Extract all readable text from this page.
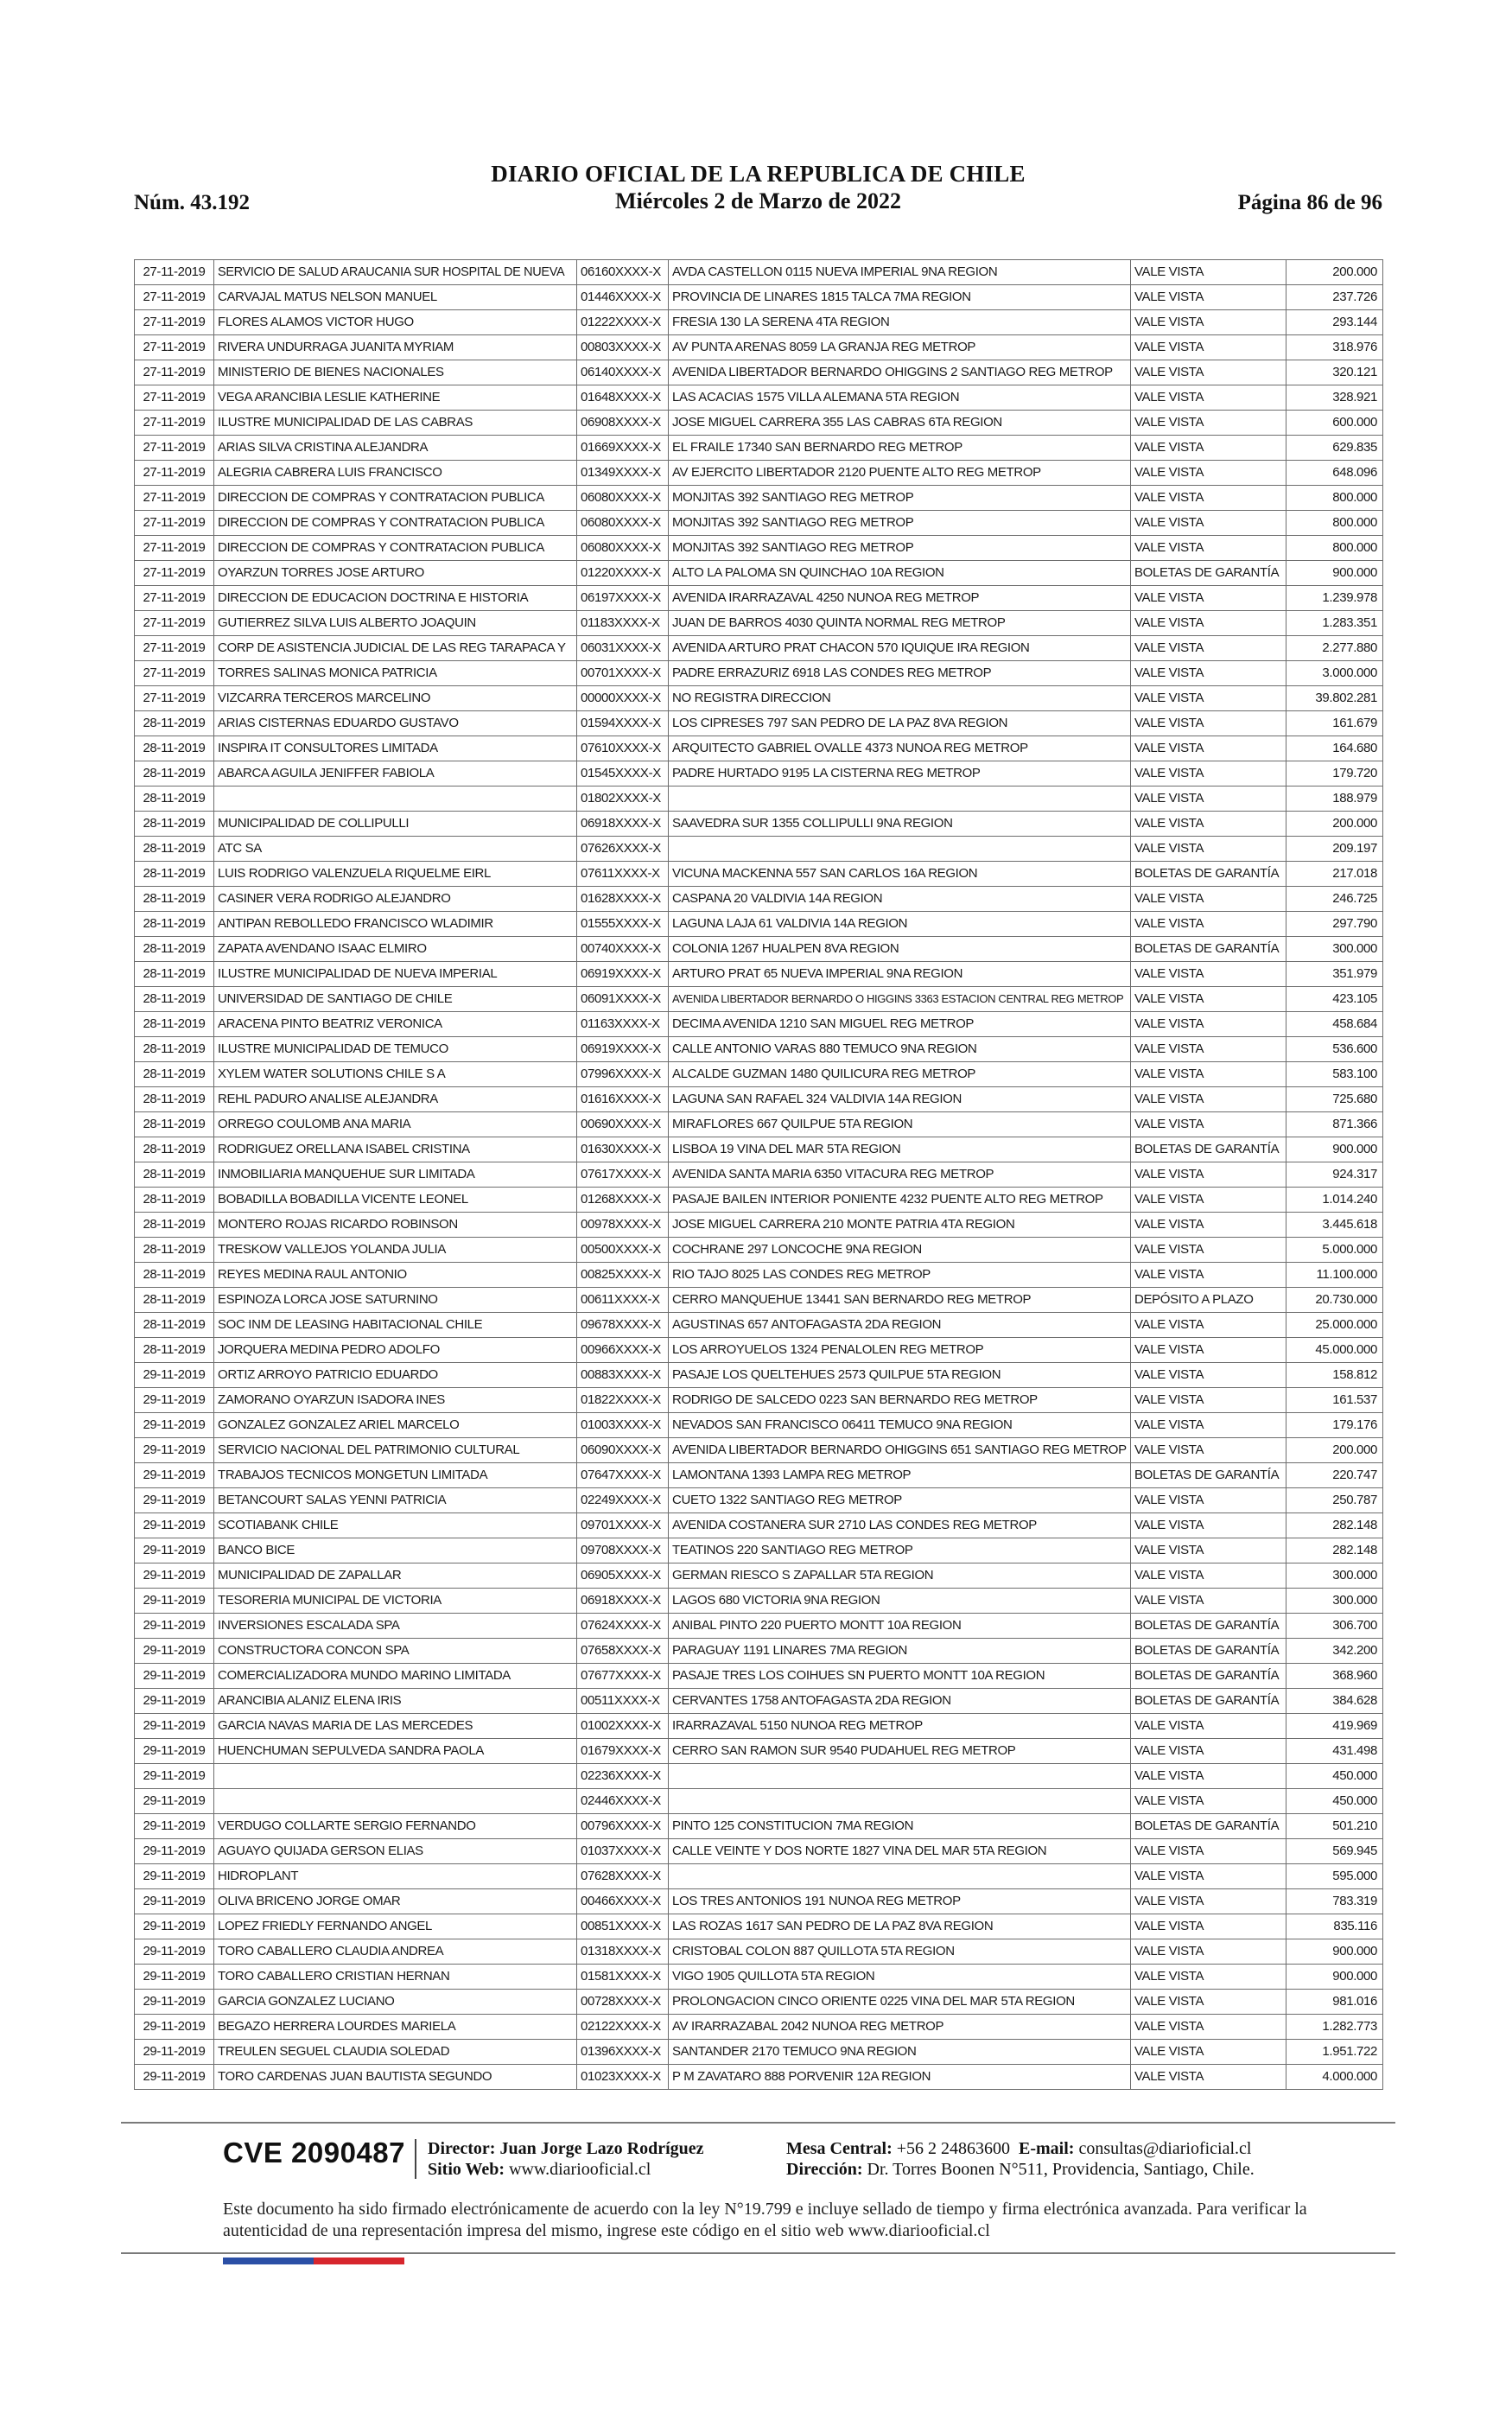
Núm. 43.192
DIARIO OFICIAL DE LA REPUBLICA DE CHILE
Miércoles 2 de Marzo de 2022	Página 86 de 96
27-11-2019	SERVICIO DE SALUD ARAUCANIA SUR HOSPITAL DE NUEVA	06160XXXX-X	AVDA CASTELLON 0115 NUEVA IMPERIAL 9NA REGION	VALE VISTA	200.000
27-11-2019	CARVAJAL MATUS NELSON MANUEL	01446XXXX-X	PROVINCIA DE LINARES 1815 TALCA 7MA REGION	VALE VISTA	237.726
27-11-2019	FLORES ALAMOS VICTOR HUGO	01222XXXX-X	FRESIA 130 LA SERENA 4TA REGION	VALE VISTA	293.144
27-11-2019	RIVERA UNDURRAGA JUANITA MYRIAM	00803XXXX-X	AV PUNTA ARENAS 8059 LA GRANJA REG METROP	VALE VISTA	318.976
27-11-2019	MINISTERIO DE BIENES NACIONALES	06140XXXX-X	AVENIDA LIBERTADOR BERNARDO OHIGGINS 2 SANTIAGO REG METROP	VALE VISTA	320.121
27-11-2019	VEGA ARANCIBIA LESLIE KATHERINE	01648XXXX-X	LAS ACACIAS 1575 VILLA ALEMANA 5TA REGION	VALE VISTA	328.921
27-11-2019	ILUSTRE MUNICIPALIDAD DE LAS CABRAS	06908XXXX-X	JOSE MIGUEL CARRERA 355 LAS CABRAS 6TA REGION	VALE VISTA	600.000
27-11-2019	ARIAS SILVA CRISTINA ALEJANDRA	01669XXXX-X	EL FRAILE 17340 SAN BERNARDO REG METROP	VALE VISTA	629.835
27-11-2019	ALEGRIA CABRERA LUIS FRANCISCO	01349XXXX-X	AV EJERCITO LIBERTADOR 2120 PUENTE ALTO REG METROP	VALE VISTA	648.096
27-11-2019	DIRECCION DE COMPRAS Y CONTRATACION PUBLICA	06080XXXX-X	MONJITAS 392 SANTIAGO REG METROP	VALE VISTA	800.000
27-11-2019	DIRECCION DE COMPRAS Y CONTRATACION PUBLICA	06080XXXX-X	MONJITAS 392 SANTIAGO REG METROP	VALE VISTA	800.000
27-11-2019	DIRECCION DE COMPRAS Y CONTRATACION PUBLICA	06080XXXX-X	MONJITAS 392 SANTIAGO REG METROP	VALE VISTA	800.000
27-11-2019	OYARZUN TORRES JOSE ARTURO	01220XXXX-X	ALTO LA PALOMA SN QUINCHAO 10A REGION	BOLETAS DE GARANTÍA	900.000
27-11-2019	DIRECCION DE EDUCACION DOCTRINA E HISTORIA	06197XXXX-X	AVENIDA IRARRAZAVAL 4250 NUNOA REG METROP	VALE VISTA	1.239.978
27-11-2019	GUTIERREZ SILVA LUIS ALBERTO JOAQUIN	01183XXXX-X	JUAN DE BARROS 4030 QUINTA NORMAL REG METROP	VALE VISTA	1.283.351
27-11-2019	CORP DE ASISTENCIA JUDICIAL DE LAS REG TARAPACA Y	06031XXXX-X	AVENIDA ARTURO PRAT CHACON 570 IQUIQUE IRA REGION	VALE VISTA	2.277.880
27-11-2019	TORRES SALINAS MONICA PATRICIA	00701XXXX-X	PADRE ERRAZURIZ 6918 LAS CONDES REG METROP	VALE VISTA	3.000.000
27-11-2019	VIZCARRA TERCEROS MARCELINO	00000XXXX-X	NO REGISTRA DIRECCION	VALE VISTA	39.802.281
28-11-2019	ARIAS CISTERNAS EDUARDO GUSTAVO	01594XXXX-X	LOS CIPRESES 797 SAN PEDRO DE LA PAZ 8VA REGION	VALE VISTA	161.679
28-11-2019	INSPIRA IT CONSULTORES LIMITADA	07610XXXX-X	ARQUITECTO GABRIEL OVALLE 4373 NUNOA REG METROP	VALE VISTA	164.680
28-11-2019	ABARCA AGUILA JENIFFER FABIOLA	01545XXXX-X	PADRE HURTADO 9195 LA CISTERNA REG METROP	VALE VISTA	179.720
28-11-2019		01802XXXX-X		VALE VISTA	188.979
28-11-2019	MUNICIPALIDAD DE COLLIPULLI	06918XXXX-X	SAAVEDRA SUR 1355 COLLIPULLI 9NA REGION	VALE VISTA	200.000
28-11-2019	ATC SA	07626XXXX-X		VALE VISTA	209.197
28-11-2019	LUIS RODRIGO VALENZUELA RIQUELME EIRL	07611XXXX-X	VICUNA MACKENNA 557 SAN CARLOS 16A REGION	BOLETAS DE GARANTÍA	217.018
28-11-2019	CASINER VERA RODRIGO ALEJANDRO	01628XXXX-X	CASPANA 20 VALDIVIA 14A REGION	VALE VISTA	246.725
28-11-2019	ANTIPAN REBOLLEDO FRANCISCO WLADIMIR	01555XXXX-X	LAGUNA LAJA 61 VALDIVIA 14A REGION	VALE VISTA	297.790
28-11-2019	ZAPATA AVENDANO ISAAC ELMIRO	00740XXXX-X	COLONIA 1267 HUALPEN 8VA REGION	BOLETAS DE GARANTÍA	300.000
28-11-2019	ILUSTRE MUNICIPALIDAD DE NUEVA IMPERIAL	06919XXXX-X	ARTURO PRAT 65 NUEVA IMPERIAL 9NA REGION	VALE VISTA	351.979
28-11-2019	UNIVERSIDAD DE SANTIAGO DE CHILE	06091XXXX-X	AVENIDA LIBERTADOR BERNARDO O HIGGINS 3363 ESTACION CENTRAL REG METROP	VALE VISTA	423.105
28-11-2019	ARACENA PINTO BEATRIZ VERONICA	01163XXXX-X	DECIMA AVENIDA 1210 SAN MIGUEL REG METROP	VALE VISTA	458.684
28-11-2019	ILUSTRE MUNICIPALIDAD DE TEMUCO	06919XXXX-X	CALLE ANTONIO VARAS 880 TEMUCO 9NA REGION	VALE VISTA	536.600
28-11-2019	XYLEM WATER SOLUTIONS CHILE S A	07996XXXX-X	ALCALDE GUZMAN 1480 QUILICURA REG METROP	VALE VISTA	583.100
28-11-2019	REHL PADURO ANALISE ALEJANDRA	01616XXXX-X	LAGUNA SAN RAFAEL 324 VALDIVIA 14A REGION	VALE VISTA	725.680
28-11-2019	ORREGO COULOMB ANA MARIA	00690XXXX-X	MIRAFLORES 667 QUILPUE 5TA REGION	VALE VISTA	871.366
28-11-2019	RODRIGUEZ ORELLANA ISABEL CRISTINA	01630XXXX-X	LISBOA 19 VINA DEL MAR 5TA REGION	BOLETAS DE GARANTÍA	900.000
28-11-2019	INMOBILIARIA MANQUEHUE SUR LIMITADA	07617XXXX-X	AVENIDA SANTA MARIA 6350 VITACURA REG METROP	VALE VISTA	924.317
28-11-2019	BOBADILLA BOBADILLA VICENTE LEONEL	01268XXXX-X	PASAJE BAILEN INTERIOR PONIENTE 4232 PUENTE ALTO REG METROP	VALE VISTA	1.014.240
28-11-2019	MONTERO ROJAS RICARDO ROBINSON	00978XXXX-X	JOSE MIGUEL CARRERA 210 MONTE PATRIA 4TA REGION	VALE VISTA	3.445.618
28-11-2019	TRESKOW VALLEJOS YOLANDA JULIA	00500XXXX-X	COCHRANE 297 LONCOCHE 9NA REGION	VALE VISTA	5.000.000
28-11-2019	REYES MEDINA RAUL ANTONIO	00825XXXX-X	RIO TAJO 8025 LAS CONDES REG METROP	VALE VISTA	11.100.000
28-11-2019	ESPINOZA LORCA JOSE SATURNINO	00611XXXX-X	CERRO MANQUEHUE 13441 SAN BERNARDO REG METROP	DEPÓSITO A PLAZO	20.730.000
28-11-2019	SOC INM DE LEASING HABITACIONAL CHILE	09678XXXX-X	AGUSTINAS 657 ANTOFAGASTA 2DA REGION	VALE VISTA	25.000.000
28-11-2019	JORQUERA MEDINA PEDRO ADOLFO	00966XXXX-X	LOS ARROYUELOS 1324 PENALOLEN REG METROP	VALE VISTA	45.000.000
29-11-2019	ORTIZ ARROYO PATRICIO EDUARDO	00883XXXX-X	PASAJE LOS QUELTEHUES 2573 QUILPUE 5TA REGION	VALE VISTA	158.812
29-11-2019	ZAMORANO OYARZUN ISADORA INES	01822XXXX-X	RODRIGO DE SALCEDO 0223 SAN BERNARDO REG METROP	VALE VISTA	161.537
29-11-2019	GONZALEZ GONZALEZ ARIEL MARCELO	01003XXXX-X	NEVADOS SAN FRANCISCO 06411 TEMUCO 9NA REGION	VALE VISTA	179.176
29-11-2019	SERVICIO NACIONAL DEL PATRIMONIO CULTURAL	06090XXXX-X	AVENIDA LIBERTADOR BERNARDO OHIGGINS 651 SANTIAGO REG METROP	VALE VISTA	200.000
29-11-2019	TRABAJOS TECNICOS MONGETUN LIMITADA	07647XXXX-X	LAMONTANA 1393 LAMPA REG METROP	BOLETAS DE GARANTÍA	220.747
29-11-2019	BETANCOURT SALAS YENNI PATRICIA	02249XXXX-X	CUETO 1322 SANTIAGO REG METROP	VALE VISTA	250.787
29-11-2019	SCOTIABANK CHILE	09701XXXX-X	AVENIDA COSTANERA SUR 2710 LAS CONDES REG METROP	VALE VISTA	282.148
29-11-2019	BANCO BICE	09708XXXX-X	TEATINOS 220 SANTIAGO REG METROP	VALE VISTA	282.148
29-11-2019	MUNICIPALIDAD DE ZAPALLAR	06905XXXX-X	GERMAN RIESCO S ZAPALLAR 5TA REGION	VALE VISTA	300.000
29-11-2019	TESORERIA MUNICIPAL DE VICTORIA	06918XXXX-X	LAGOS 680 VICTORIA 9NA REGION	VALE VISTA	300.000
29-11-2019	INVERSIONES ESCALADA SPA	07624XXXX-X	ANIBAL PINTO 220 PUERTO MONTT 10A REGION	BOLETAS DE GARANTÍA	306.700
29-11-2019	CONSTRUCTORA CONCON SPA	07658XXXX-X	PARAGUAY 1191 LINARES 7MA REGION	BOLETAS DE GARANTÍA	342.200
29-11-2019	COMERCIALIZADORA MUNDO MARINO LIMITADA	07677XXXX-X	PASAJE TRES LOS COIHUES SN PUERTO MONTT 10A REGION	BOLETAS DE GARANTÍA	368.960
29-11-2019	ARANCIBIA ALANIZ ELENA IRIS	00511XXXX-X	CERVANTES 1758 ANTOFAGASTA 2DA REGION	BOLETAS DE GARANTÍA	384.628
29-11-2019	GARCIA NAVAS MARIA DE LAS MERCEDES	01002XXXX-X	IRARRAZAVAL 5150 NUNOA REG METROP	VALE VISTA	419.969
29-11-2019	HUENCHUMAN SEPULVEDA SANDRA PAOLA	01679XXXX-X	CERRO SAN RAMON SUR 9540 PUDAHUEL REG METROP	VALE VISTA	431.498
29-11-2019		02236XXXX-X		VALE VISTA	450.000
29-11-2019		02446XXXX-X		VALE VISTA	450.000
29-11-2019	VERDUGO COLLARTE SERGIO FERNANDO	00796XXXX-X	PINTO 125 CONSTITUCION 7MA REGION	BOLETAS DE GARANTÍA	501.210
29-11-2019	AGUAYO QUIJADA GERSON ELIAS	01037XXXX-X	CALLE VEINTE Y DOS NORTE 1827 VINA DEL MAR 5TA REGION	VALE VISTA	569.945
29-11-2019	HIDROPLANT	07628XXXX-X		VALE VISTA	595.000
29-11-2019	OLIVA BRICENO JORGE OMAR	00466XXXX-X	LOS TRES ANTONIOS 191 NUNOA REG METROP	VALE VISTA	783.319
29-11-2019	LOPEZ FRIEDLY FERNANDO ANGEL	00851XXXX-X	LAS ROZAS 1617 SAN PEDRO DE LA PAZ 8VA REGION	VALE VISTA	835.116
29-11-2019	TORO CABALLERO CLAUDIA ANDREA	01318XXXX-X	CRISTOBAL COLON 887 QUILLOTA 5TA REGION	VALE VISTA	900.000
29-11-2019	TORO CABALLERO CRISTIAN HERNAN	01581XXXX-X	VIGO 1905 QUILLOTA 5TA REGION	VALE VISTA	900.000
29-11-2019	GARCIA GONZALEZ LUCIANO	00728XXXX-X	PROLONGACION CINCO ORIENTE 0225 VINA DEL MAR 5TA REGION	VALE VISTA	981.016
29-11-2019	BEGAZO HERRERA LOURDES MARIELA	02122XXXX-X	AV IRARRAZABAL 2042 NUNOA REG METROP	VALE VISTA	1.282.773
29-11-2019	TREULEN SEGUEL CLAUDIA SOLEDAD	01396XXXX-X	SANTANDER 2170 TEMUCO 9NA REGION	VALE VISTA	1.951.722
29-11-2019	TORO CARDENAS JUAN BAUTISTA SEGUNDO	01023XXXX-X	P M ZAVATARO 888 PORVENIR 12A REGION	VALE VISTA	4.000.000
CVE 2090487 Director: Juan Jorge Lazo Rodríguez
Sitio Web: www.diariooficial.cl
Mesa Central: +56 2 24863600 E-mail: consultas@diarioficial.cl
Dirección: Dr. Torres Boonen N°511, Providencia, Santiago, Chile.
Este documento ha sido firmado electrónicamente de acuerdo con la ley N°19.799 e incluye sellado de tiempo y firma electrónica avanzada. Para verificar la autenticidad de una representación impresa del mismo, ingrese este código en el sitio web www.diariooficial.cl
